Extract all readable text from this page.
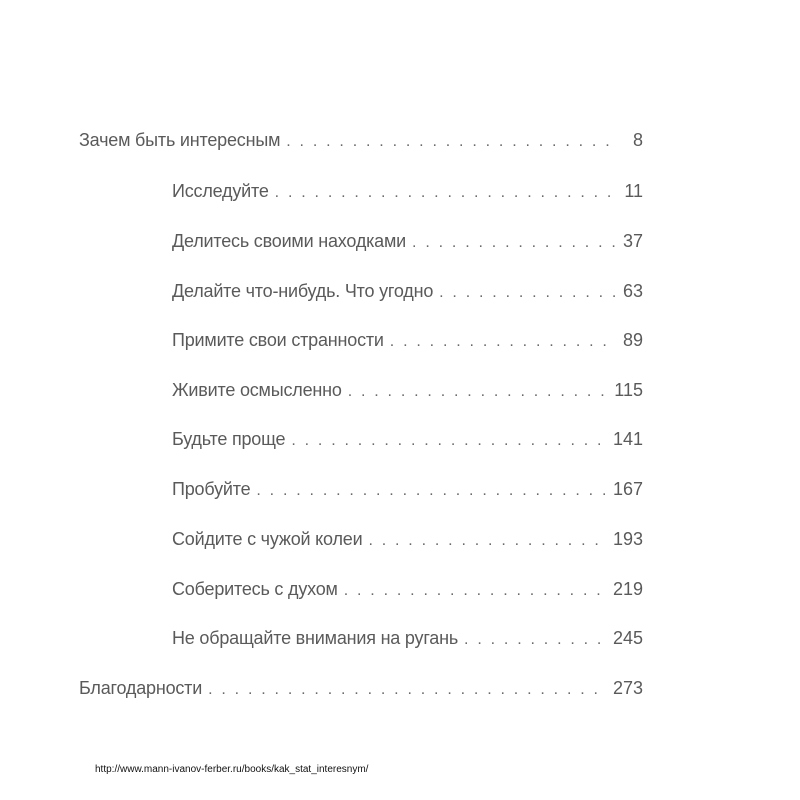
Зачем быть интересным . . .	8
Исследуйте . . .	11
Делитесь своими находками . . .	37
Делайте что-нибудь. Что угодно . . .	63
Примите свои странности . . .	89
Живите осмысленно . . .	115
Будьте проще . . .	141
Пробуйте . . .	167
Сойдите с чужой колеи . . .	193
Соберитесь с духом . . .	219
Не обращайте внимания на ругань . . .	245
Благодарности . . .	273
http://www.mann-ivanov-ferber.ru/books/kak_stat_interesnym/
